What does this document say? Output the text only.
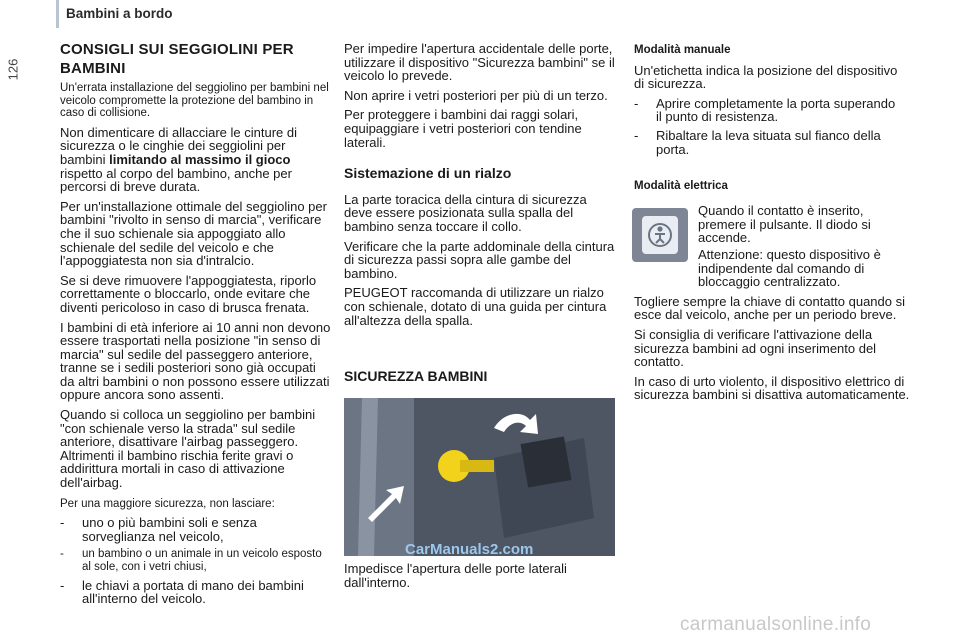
Bambini a bordo
126
CONSIGLI SUI SEGGIOLINI PER BAMBINI

Un'errata installazione del seggiolino per bambini nel veicolo compromette la protezione del bambino in caso di collisione.

Non dimenticare di allacciare le cinture di sicurezza o le cinghie dei seggiolini per bambini limitando al massimo il gioco rispetto al corpo del bambino, anche per percorsi di breve durata.

Per un'installazione ottimale del seggiolino per bambini "rivolto in senso di marcia", verificare che il suo schienale sia appoggiato allo schienale del sedile del veicolo e che l'appoggiatesta non sia d'intralcio.

Se si deve rimuovere l'appoggiatesta, riporlo correttamente o bloccarlo, onde evitare che diventi pericoloso in caso di brusca frenata.

I bambini di età inferiore ai 10 anni non devono essere trasportati nella posizione "in senso di marcia" sul sedile del passeggero anteriore, tranne se i sedili posteriori sono già occupati da altri bambini o non possono essere utilizzati oppure ancora sono assenti.

Quando si colloca un seggiolino per bambini "con schienale verso la strada" sul sedile anteriore, disattivare l'airbag passeggero. Altrimenti il bambino rischia ferite gravi o addirittura mortali in caso di attivazione dell'airbag.

Per una maggiore sicurezza, non lasciare:

- uno o più bambini soli e senza sorveglianza nel veicolo,
- un bambino o un animale in un veicolo esposto al sole, con i vetri chiusi,
- le chiavi a portata di mano dei bambini all'interno del veicolo.

Per impedire l'apertura accidentale delle porte, utilizzare il dispositivo "Sicurezza bambini" se il veicolo lo prevede.

Non aprire i vetri posteriori per più di un terzo.

Per proteggere i bambini dai raggi solari, equipaggiare i vetri posteriori con tendine laterali.

Sistemazione di un rialzo

La parte toracica della cintura di sicurezza deve essere posizionata sulla spalla del bambino senza toccare il collo.

Verificare che la parte addominale della cintura di sicurezza passi sopra alle gambe del bambino.

PEUGEOT raccomanda di utilizzare un rialzo con schienale, dotato di una guida per cintura all'altezza della spalla.

SICUREZZA BAMBINI
CarManuals2.com

Impedisce l'apertura delle porte laterali dall'interno.

Modalità manuale

Un'etichetta indica la posizione del dispositivo di sicurezza.

- Aprire completamente la porta superando il punto di resistenza.
- Ribaltare la leva situata sul fianco della porta.

Modalità elettrica

Quando il contatto è inserito, premere il pulsante. Il diodo si accende.

Attenzione: questo dispositivo è indipendente dal comando di bloccaggio centralizzato.

Togliere sempre la chiave di contatto quando si esce dal veicolo, anche per un periodo breve.

Si consiglia di verificare l'attivazione della sicurezza bambini ad ogni inserimento del contatto.

In caso di urto violento, il dispositivo elettrico di sicurezza bambini si disattiva automaticamente.

carmanualsonline.info
